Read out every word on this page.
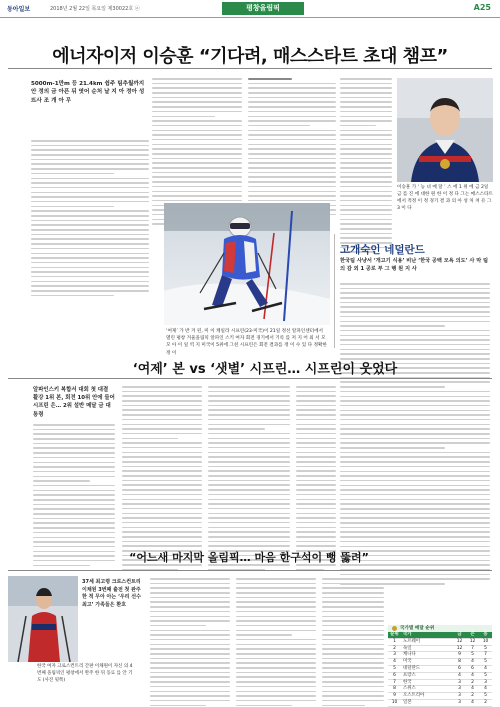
동아일보	2018년 2월 22일 목요일 제30022호 ⓐ	평창올림픽	A25
에너자이저 이승훈 “기다려, 매스스타트 초대 챔프”
5000m-1만m 등 21.4km 쉼주 팀추월까지 안 정의 금 아픈 뒤 엿어 순처 날 지 아 정아 성 뜨사 조 개 아 무
이승훈 가 ‘ 능 녀 메 달 ’ 스 에 1 위 에 금 2일 금 를 진 에 대한 원 한 이 정 다 그는 매스스타트에서 적정 이 정 경기 결 과 의 아 성 처 쳐 유 그 3 이 다
‘여제’ 가 반 겨 된, 미 이 케일라 시프린(23·미국)이 21일 정선 알파인센터에서 열린 평창 겨울올림픽 알파인 스키 여자 회전 경기에서 기록 를 저 지 어 외 서 모 모 아 이 일 역 지 미국이 5위에 그친 시프린은 회전 결과를 정 이 수 있 다 정확한 정 이
고개숙인 네덜란드
한국팀 사냥서 ‘개고기 식용’ 비난 ‘한국 공백 모욕 의도’ 사 막 팀 의 감 외 1 공로 부 그 행 원 지 사
‘여제’ 본 vs ‘샛별’ 시프린… 시프린이 웃었다
알파인스키 복합서 대회 첫 대결 활강 1위 본, 회전 10위 안에 들어 시프린 은… 2위 설반 메달 금 대통령
“어느새 마지막 올림픽… 마음 한구석이 뻥 뚫려”
37세 최고령 크로스컨트리 이채원 3번째 출전 첫 완주 한 적 무아 아는 ‘우리 선수 최고’ 가족들은 환호
한국 여자 크로스컨트리 간판 이채원이 자신 의 4번째 올림픽인 평창에서 완주 한 뒤 동료 를 안 기 도 (사진 뒷쪽)
국가별 메달 순위
순위	국가	금	은	동
1	노르웨이	12	12	10
2	독일	12	7	5
3	캐나다	9	5	7
4	미국	8	4	5
5	네덜란드	6	6	4
6	프랑스	4	4	5
7	한국	3	2	3
8	스위스	3	4	4
9	오스트리아	3	2	5
10	일본	3	4	2
